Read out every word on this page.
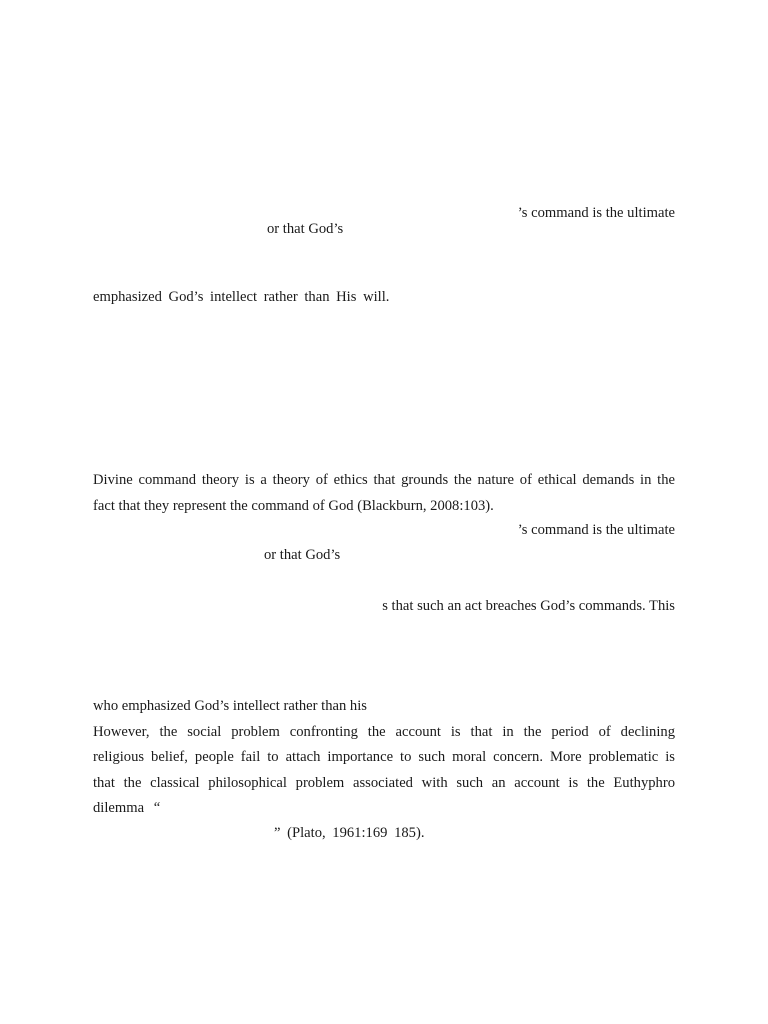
’s command is the ultimate
or that God’s
emphasized God’s intellect rather than His will.
Divine command theory is a theory of ethics that grounds the nature of ethical demands in the
fact that they represent the command of God (Blackburn, 2008:103).
’s command is the ultimate
or that God’s
s that such an act breaches God’s commands. This
who emphasized God’s intellect rather than his
However, the social problem confronting the account is that in the period of declining
religious belief, people fail to attach importance to such moral concern. More problematic is
that the classical philosophical problem associated with such an account is the Euthyphro
dilemma “
” (Plato, 1961:169 185).
